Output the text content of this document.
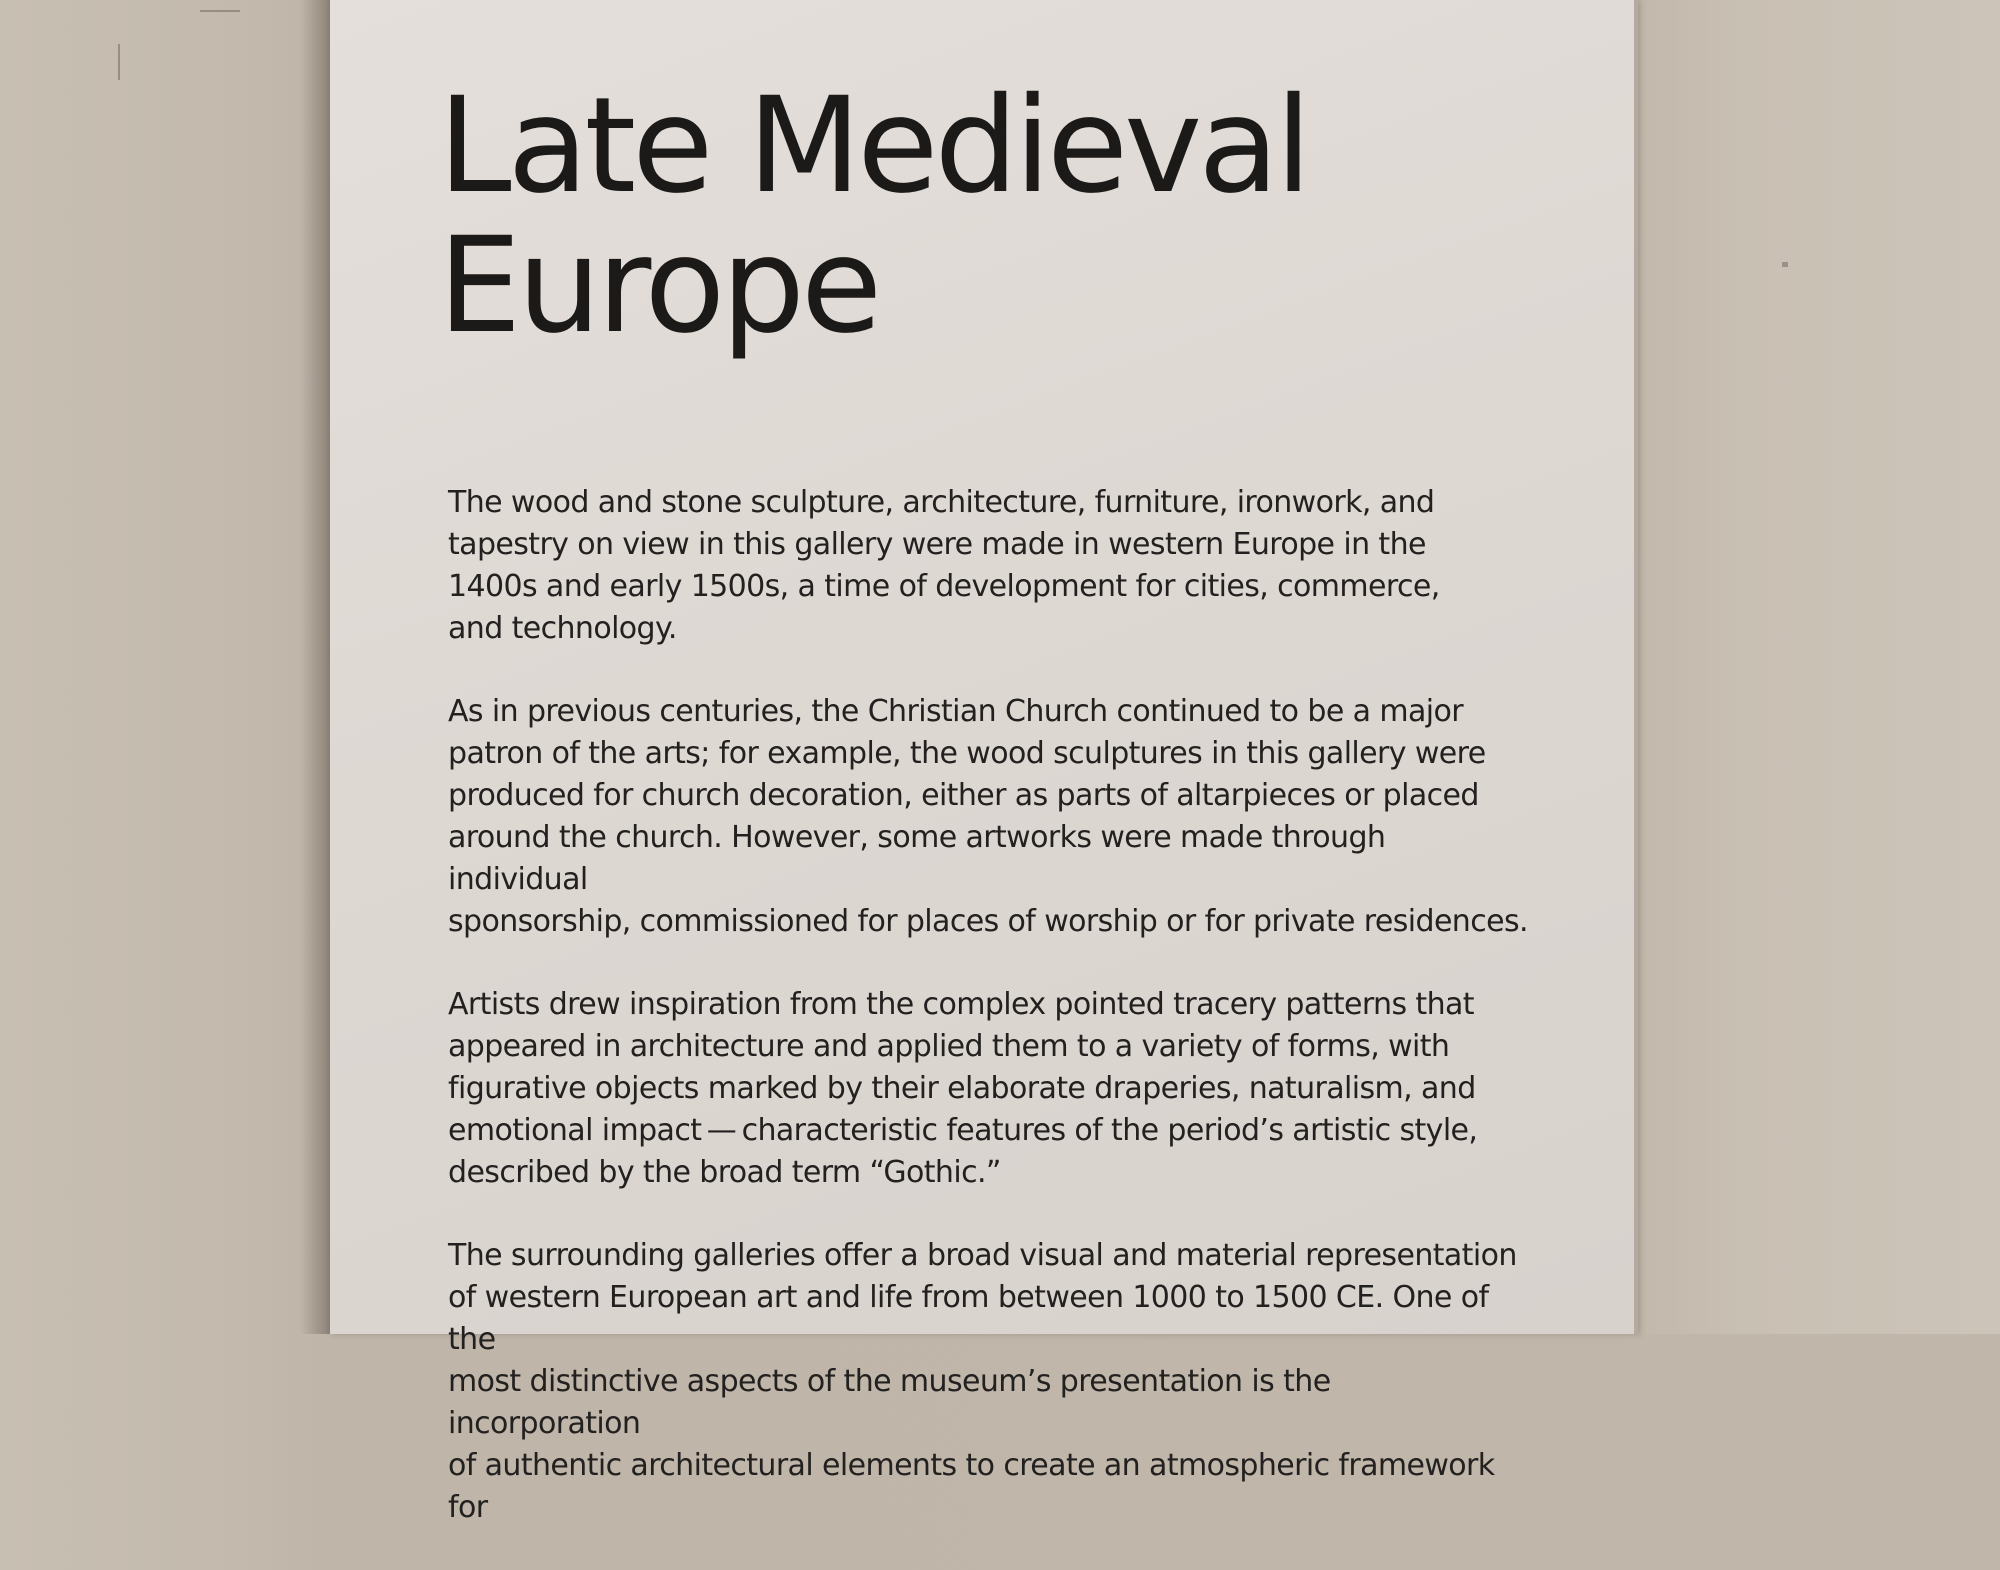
Late Medieval
Europe

The wood and stone sculpture, architecture, furniture, ironwork, and
tapestry on view in this gallery were made in western Europe in the
1400s and early 1500s, a time of development for cities, commerce,
and technology.

As in previous centuries, the Christian Church continued to be a major
patron of the arts; for example, the wood sculptures in this gallery were
produced for church decoration, either as parts of altarpieces or placed
around the church. However, some artworks were made through individual
sponsorship, commissioned for places of worship or for private residences.

Artists drew inspiration from the complex pointed tracery patterns that
appeared in architecture and applied them to a variety of forms, with
figurative objects marked by their elaborate draperies, naturalism, and
emotional impact — characteristic features of the period’s artistic style,
described by the broad term “Gothic.”

The surrounding galleries offer a broad visual and material representation
of western European art and life from between 1000 to 1500 CE. One of the
most distinctive aspects of the museum’s presentation is the incorporation
of authentic architectural elements to create an atmospheric framework for
